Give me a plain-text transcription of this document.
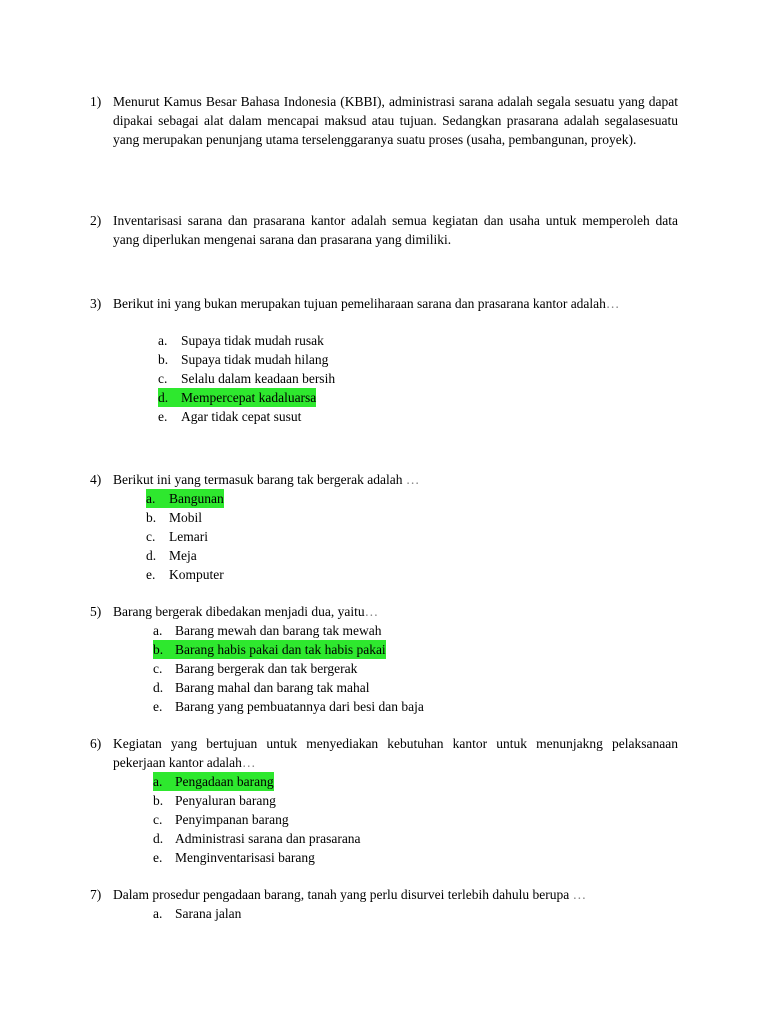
1) Menurut Kamus Besar Bahasa Indonesia (KBBI), administrasi sarana adalah segala sesuatu yang dapat dipakai sebagai alat dalam mencapai maksud atau tujuan. Sedangkan prasarana adalah segalasesuatu yang merupakan penunjang utama terselenggaranya suatu proses (usaha, pembangunan, proyek).
2) Inventarisasi sarana dan prasarana kantor adalah semua kegiatan dan usaha untuk memperoleh data yang diperlukan mengenai sarana dan prasarana yang dimiliki.
3) Berikut ini yang bukan merupakan tujuan pemeliharaan sarana dan prasarana kantor adalah…
a. Supaya tidak mudah rusak
b. Supaya tidak mudah hilang
c. Selalu dalam keadaan bersih
d. Mempercepat kadaluarsa
e. Agar tidak cepat susut
4) Berikut ini yang termasuk barang tak bergerak adalah …
a. Bangunan
b. Mobil
c. Lemari
d. Meja
e. Komputer
5) Barang bergerak dibedakan menjadi dua, yaitu…
a. Barang mewah dan barang tak mewah
b. Barang habis pakai dan tak habis pakai
c. Barang bergerak dan tak bergerak
d. Barang mahal dan barang tak mahal
e. Barang yang pembuatannya dari besi dan baja
6) Kegiatan yang bertujuan untuk menyediakan kebutuhan kantor untuk menunjakng pelaksanaan pekerjaan kantor adalah…
a. Pengadaan barang
b. Penyaluran barang
c. Penyimpanan barang
d. Administrasi sarana dan prasarana
e. Menginventarisasi barang
7) Dalam prosedur pengadaan barang, tanah yang perlu disurvei terlebih dahulu berupa …
a. Sarana jalan
